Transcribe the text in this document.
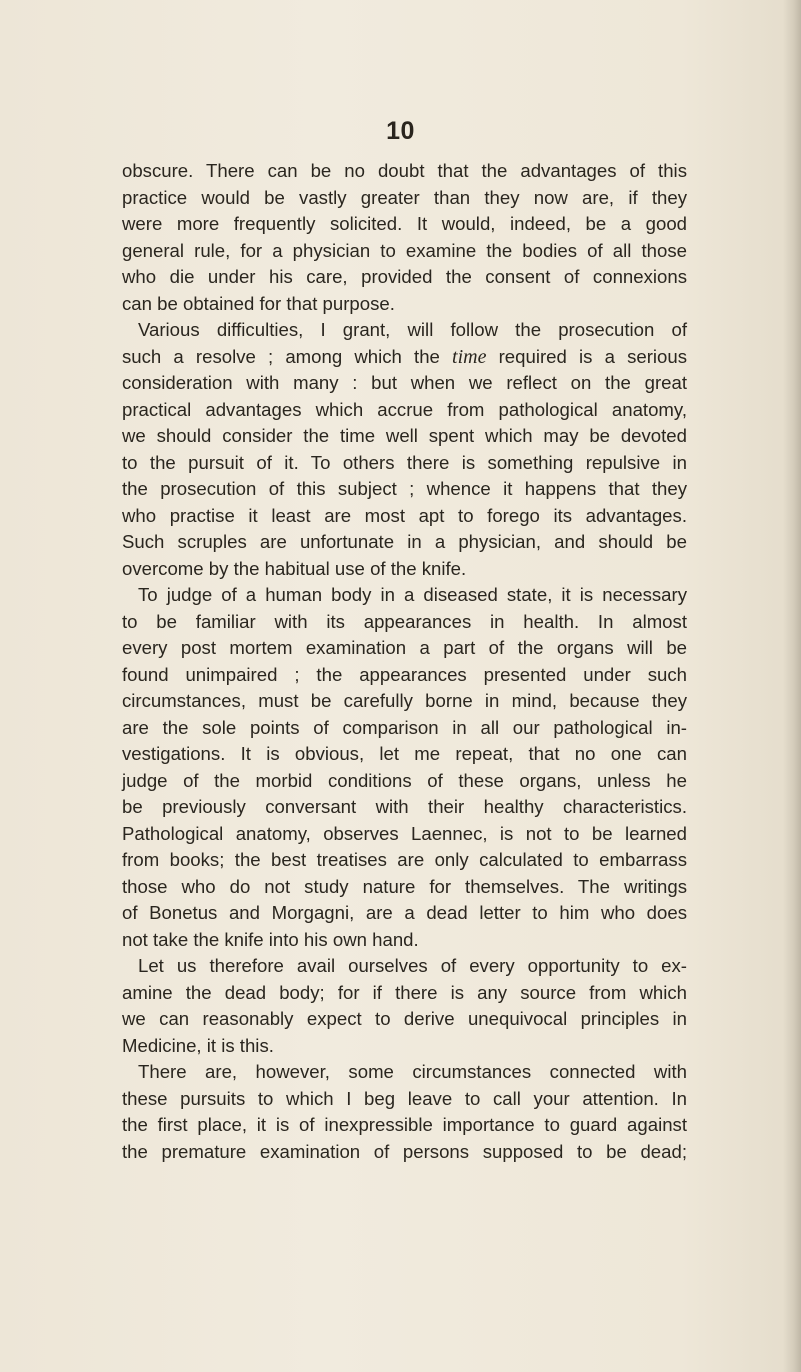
10
obscure. There can be no doubt that the advantages of this
practice would be vastly greater than they now are, if they
were more frequently solicited. It would, indeed, be a good
general rule, for a physician to examine the bodies of all those
who die under his care, provided the consent of connexions
can be obtained for that purpose.
Various difficulties, I grant, will follow the prosecution of
such a resolve ; among which the time required is a serious
consideration with many : but when we reflect on the great
practical advantages which accrue from pathological anatomy,
we should consider the time well spent which may be devoted
to the pursuit of it. To others there is something repulsive in
the prosecution of this subject ; whence it happens that they
who practise it least are most apt to forego its advantages.
Such scruples are unfortunate in a physician, and should be
overcome by the habitual use of the knife.
To judge of a human body in a diseased state, it is necessary
to be familiar with its appearances in health. In almost
every post mortem examination a part of the organs will be
found unimpaired ; the appearances presented under such
circumstances, must be carefully borne in mind, because they
are the sole points of comparison in all our pathological in-
vestigations. It is obvious, let me repeat, that no one can
judge of the morbid conditions of these organs, unless he
be previously conversant with their healthy characteristics.
Pathological anatomy, observes Laennec, is not to be learned
from books; the best treatises are only calculated to embarrass
those who do not study nature for themselves. The writings
of Bonetus and Morgagni, are a dead letter to him who does
not take the knife into his own hand.
Let us therefore avail ourselves of every opportunity to ex-
amine the dead body; for if there is any source from which
we can reasonably expect to derive unequivocal principles in
Medicine, it is this.
There are, however, some circumstances connected with
these pursuits to which I beg leave to call your attention. In
the first place, it is of inexpressible importance to guard against
the premature examination of persons supposed to be dead;
